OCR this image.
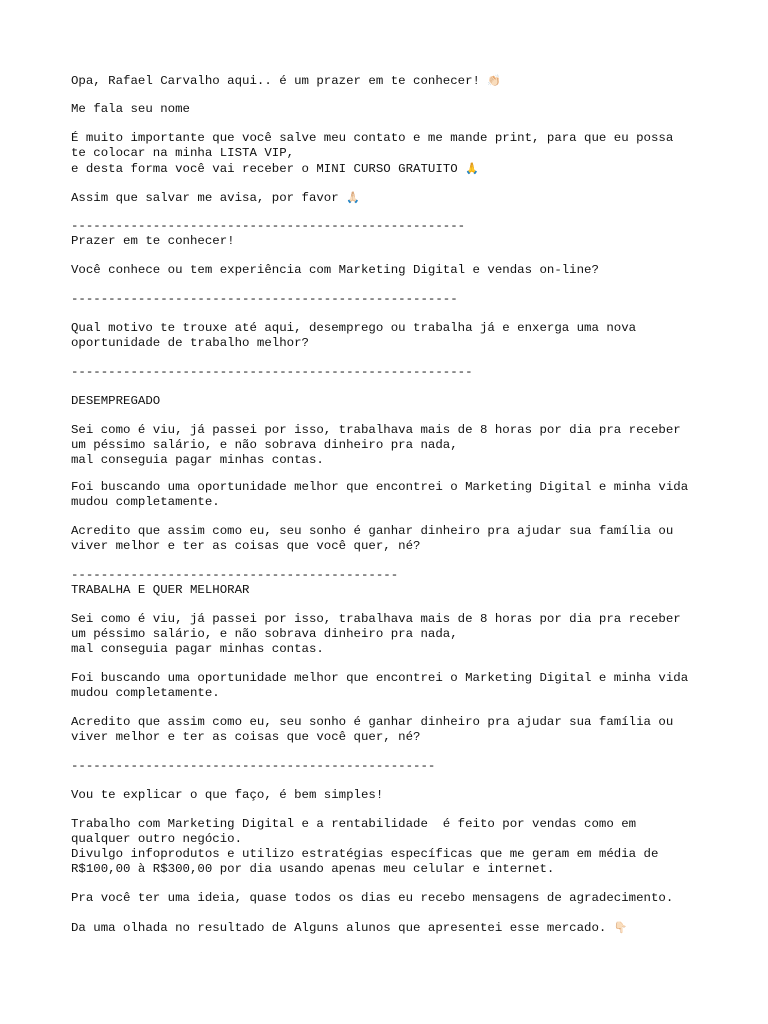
Opa, Rafael Carvalho aqui.. é um prazer em te conhecer! 👏🏻
Me fala seu nome
É muito importante que você salve meu contato e me mande print, para que eu possa
te colocar na minha LISTA VIP,
e desta forma você vai receber o MINI CURSO GRATUITO 🙏
Assim que salvar me avisa, por favor 🙏🏻
-----------------------------------------------------
Prazer em te conhecer!
Você conhece ou tem experiência com Marketing Digital e vendas on-line?
----------------------------------------------------
Qual motivo te trouxe até aqui, desemprego ou trabalha já e enxerga uma nova
oportunidade de trabalho melhor?
------------------------------------------------------
DESEMPREGADO
Sei como é viu, já passei por isso, trabalhava mais de 8 horas por dia pra receber
um péssimo salário, e não sobrava dinheiro pra nada,
mal conseguia pagar minhas contas.
Foi buscando uma oportunidade melhor que encontrei o Marketing Digital e minha vida
mudou completamente.
Acredito que assim como eu, seu sonho é ganhar dinheiro pra ajudar sua família ou
viver melhor e ter as coisas que você quer, né?
--------------------------------------------
TRABALHA E QUER MELHORAR
Sei como é viu, já passei por isso, trabalhava mais de 8 horas por dia pra receber
um péssimo salário, e não sobrava dinheiro pra nada,
mal conseguia pagar minhas contas.
Foi buscando uma oportunidade melhor que encontrei o Marketing Digital e minha vida
mudou completamente.
Acredito que assim como eu, seu sonho é ganhar dinheiro pra ajudar sua família ou
viver melhor e ter as coisas que você quer, né?
-------------------------------------------------
Vou te explicar o que faço, é bem simples!
Trabalho com Marketing Digital e a rentabilidade  é feito por vendas como em
qualquer outro negócio.
Divulgo infoprodutos e utilizo estratégias específicas que me geram em média de
R$100,00 à R$300,00 por dia usando apenas meu celular e internet.
Pra você ter uma ideia, quase todos os dias eu recebo mensagens de agradecimento.
Da uma olhada no resultado de Alguns alunos que apresentei esse mercado. 👇🏻
